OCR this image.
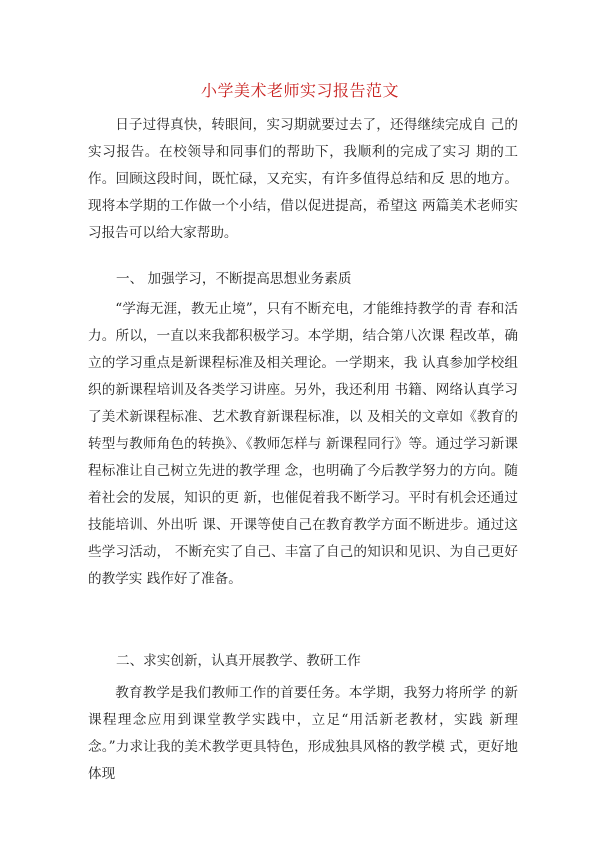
小学美术老师实习报告范文

日子过得真快，转眼间，实习期就要过去了，还得继续完成自 己的实习报告。在校领导和同事们的帮助下，我顺利的完成了实习 期的工作。回顾这段时间，既忙碌，又充实，有许多值得总结和反 思的地方。现将本学期的工作做一个小结，借以促进提高，希望这 两篇美术老师实习报告可以给大家帮助。

一、 加强学习，不断提高思想业务素质

“学海无涯，教无止境”，只有不断充电，才能维持教学的青 春和活力。所以，一直以来我都积极学习。本学期，结合第八次课 程改革，确立的学习重点是新课程标准及相关理论。一学期来，我 认真参加学校组织的新课程培训及各类学习讲座。另外，我还利用 书籍、网络认真学习了美术新课程标准、艺术教育新课程标准，以 及相关的文章如《教育的转型与教师角色的转换》、《教师怎样与 新课程同行》等。通过学习新课程标准让自己树立先进的教学理 念，也明确了今后教学努力的方向。随着社会的发展，知识的更 新，也催促着我不断学习。平时有机会还通过技能培训、外出听 课、开课等使自己在教育教学方面不断进步。通过这些学习活动， 不断充实了自己、丰富了自己的知识和见识、为自己更好的教学实 践作好了准备。

二、求实创新，认真开展教学、教研工作

教育教学是我们教师工作的首要任务。本学期，我努力将所学 的新课程理念应用到课堂教学实践中，立足“用活新老教材，实践 新理念。”力求让我的美术教学更具特色，形成独具风格的教学模 式，更好地体现
